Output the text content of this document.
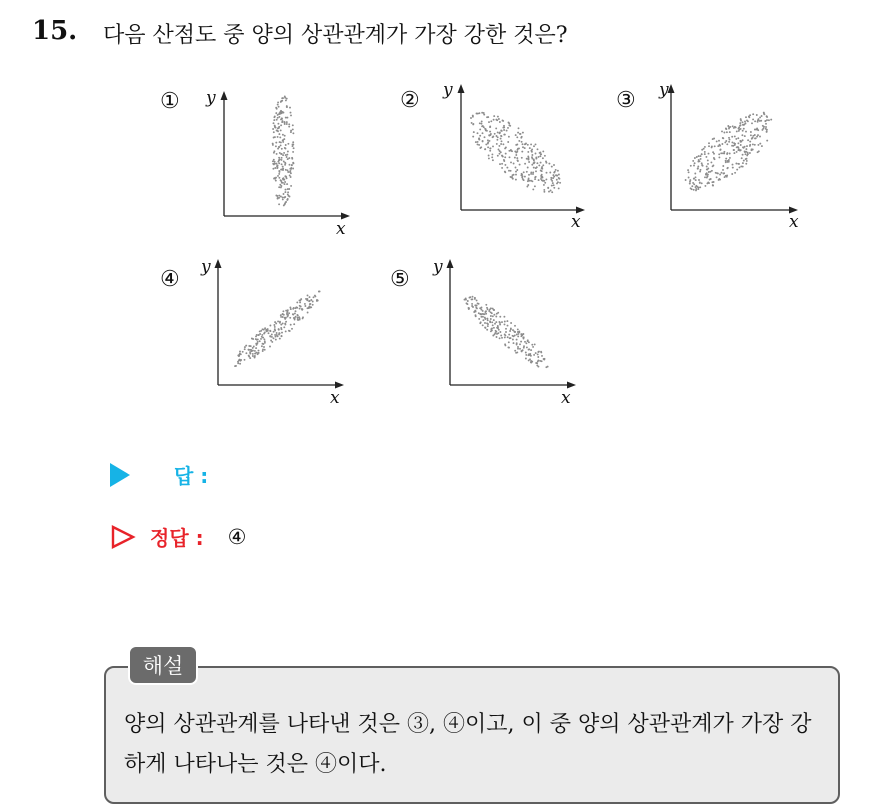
15. 다음 산점도 중 양의 상관관계가 가장 강한 것은?
① y
x
② y
x
③ y
x
④ y
x
⑤ y
x
답 :
정답 : ④
해설
양의 상관관계를 나타낸 것은 ③, ④이고, 이 중 양의 상관관계가 가장 강하게 나타나는 것은 ④이다.
